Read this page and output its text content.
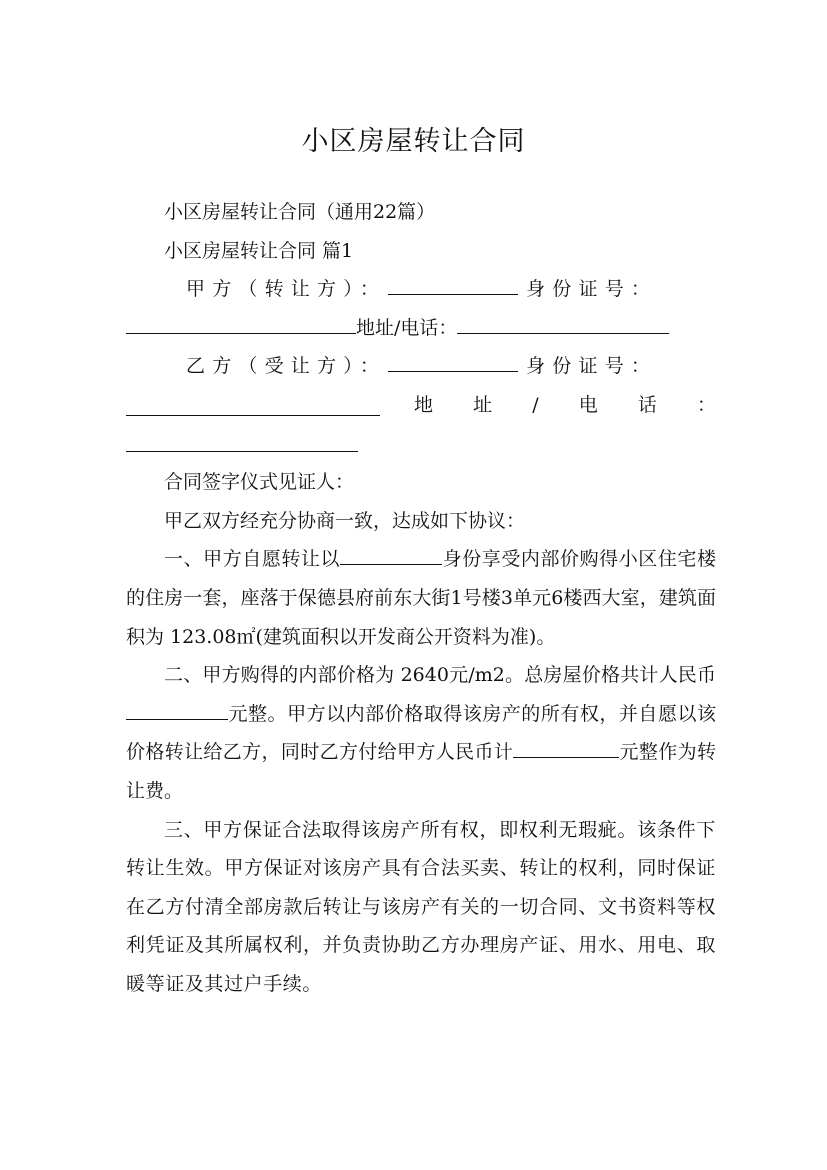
小区房屋转让合同

小区房屋转让合同（通用22篇）

小区房屋转让合同 篇1

甲方（转让方）：	身份证号：

地址/电话：

乙方（受让方）：	身份证号：

地 址 / 电 话 ：

合同签字仪式见证人：

甲乙双方经充分协商一致，达成如下协议：

一、甲方自愿转让以	身份享受内部价购得小区住宅楼的住房一套，座落于保德县府前东大街1号楼3单元6楼西大室，建筑面积为 123.08㎡(建筑面积以开发商公开资料为准)。

二、甲方购得的内部价格为 2640元/m2。总房屋价格共计人民币元整。甲方以内部价格取得该房产的所有权，并自愿以该价格转让给乙方，同时乙方付给甲方人民币计	元整作为转让费。

三、甲方保证合法取得该房产所有权，即权利无瑕疵。该条件下转让生效。甲方保证对该房产具有合法买卖、转让的权利，同时保证在乙方付清全部房款后转让与该房产有关的一切合同、文书资料等权利凭证及其所属权利，并负责协助乙方办理房产证、用水、用电、取暖等证及其过户手续。
